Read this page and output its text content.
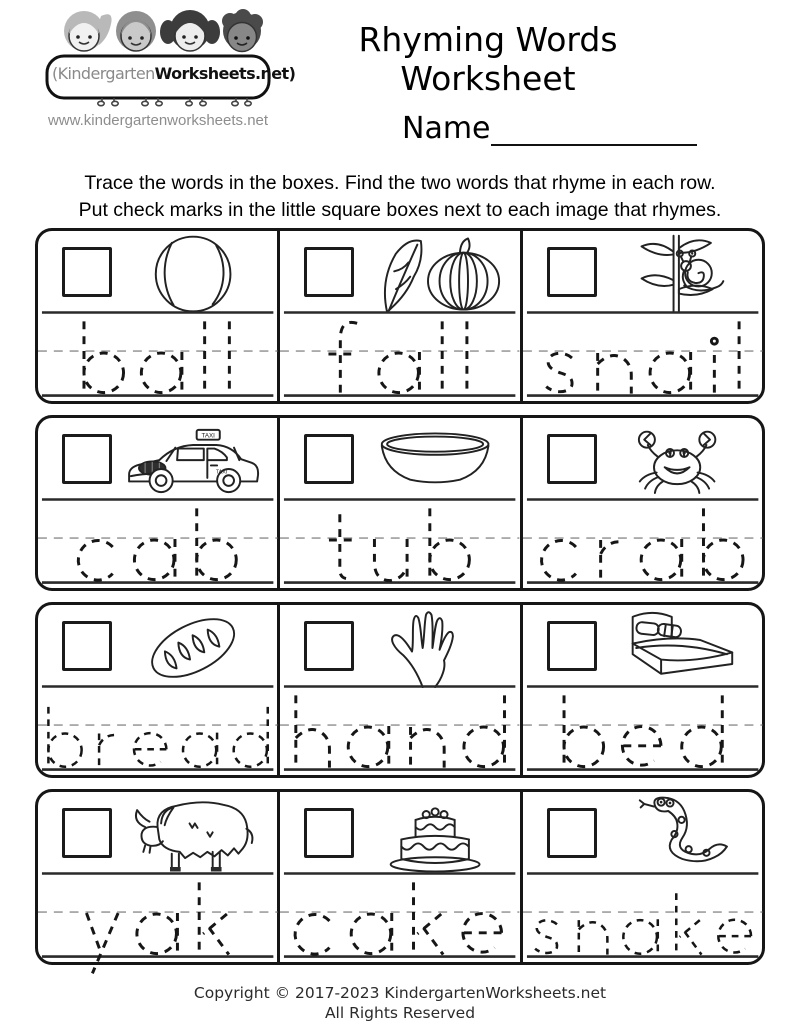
(KindergartenWorksheets.net)
www.kindergartenworksheets.net
Rhyming Words Worksheet
Name
Trace the words in the boxes. Find the two words that rhyme in each row.
Put check marks in the little square boxes next to each image that rhymes.
TAXI
TAXI
Copyright © 2017-2023 KindergartenWorksheets.net
All Rights Reserved
